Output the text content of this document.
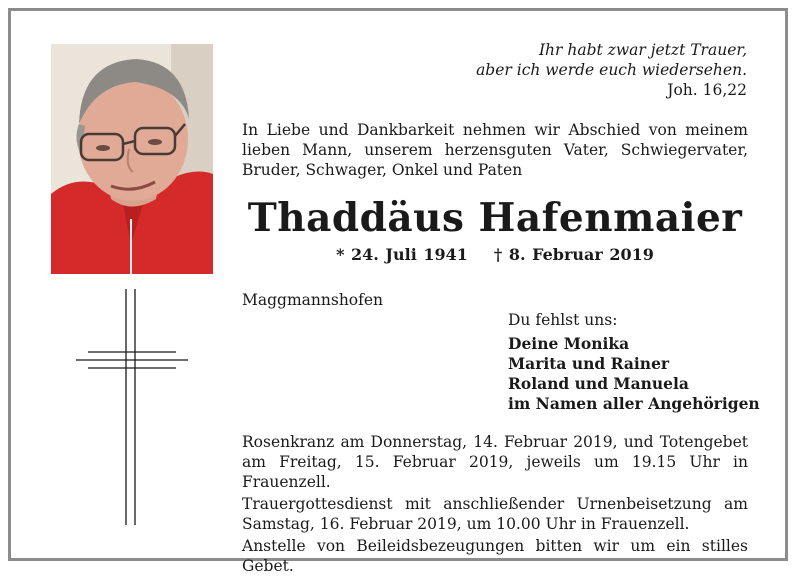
Ihr habt zwar jetzt Trauer,
aber ich werde euch wiedersehen.
Joh. 16,22
In Liebe und Dankbarkeit nehmen wir Abschied von meinem lieben Mann, unserem herzensguten Vater, Schwiegervater, Bruder, Schwager, Onkel und Paten
Thaddäus Hafenmaier
* 24. Juli 1941 † 8. Februar 2019
Maggmannshofen
Du fehlst uns:
Deine Monika
Marita und Rainer
Roland und Manuela
im Namen aller Angehörigen

Rosenkranz am Donnerstag, 14. Februar 2019, und Totengebet am Freitag, 15. Februar 2019, jeweils um 19.15 Uhr in Frauenzell.

Trauergottesdienst mit anschließender Urnenbeisetzung am Samstag, 16. Februar 2019, um 10.00 Uhr in Frauenzell.

Anstelle von Beileidsbezeugungen bitten wir um ein stilles Gebet.
